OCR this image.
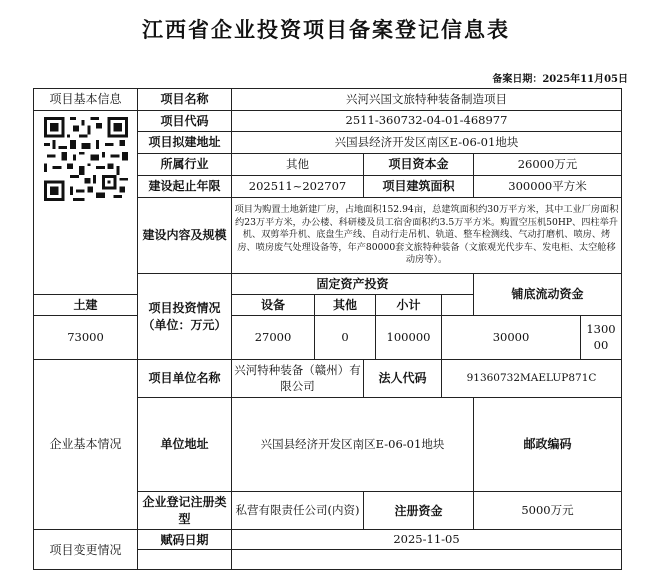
江西省企业投资项目备案登记信息表
备案日期：2025年11月05日
项目基本信息	项目名称	兴河兴国文旅特种装备制造项目							

	项目代码	2511-360732-04-01-468977							
	项目拟建地址	兴国县经济开发区南区E-06-01地块							
	所属行业	其他		项目资本金			26000万元		
	建设起止年限	202511~202707		项目建筑面积			300000平方米		
	建设内容及规模	项目为购置土地新建厂房，占地面积152.94亩，总建筑面积约30万平方米，其中工业厂房面积约23万平方米，办公楼、科研楼及员工宿舍面积约3.5万平方米。购置空压机50HP、四柱举升机、双剪举升机、底盘生产线、自动行走吊机、轨道、整车检测线、气动打磨机、喷房、烤房、喷房废气处理设备等，年产80000套文旅特种装备（文旅观光代步车、发电柜、太空舱移动房等）。							
	项目投资情况（单位：万元）	固定资产投资					铺底流动资金	
土建		设备	其他		小计				
73000		27000	0		100000	30000		130000	
企业基本情况	项目单位名称	兴河特种装备（赣州）有限公司		法人代码		91360732MAELUP871C			
	单位地址	兴国县经济开发区南区E-06-01地块					邮政编码	
	企业登记注册类型	私营有限责任公司(内资)		注册资金			5000万元		
项目变更情况	赋码日期	2025-11-05							
